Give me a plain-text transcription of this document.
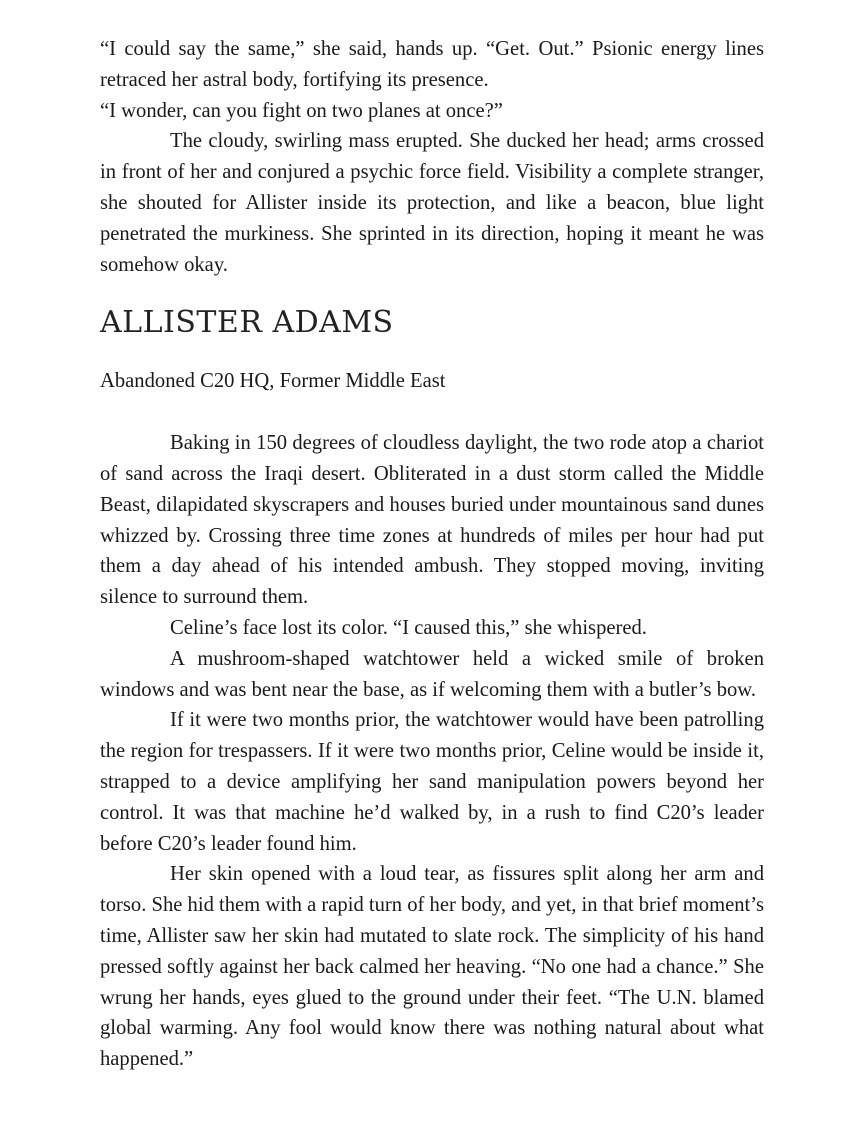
“I could say the same,” she said, hands up. “Get. Out.” Psionic energy lines retraced her astral body, fortifying its presence.

“I wonder, can you fight on two planes at once?”

The cloudy, swirling mass erupted. She ducked her head; arms crossed in front of her and conjured a psychic force field. Visibility a complete stranger, she shouted for Allister inside its protection, and like a beacon, blue light penetrated the murkiness. She sprinted in its direction, hoping it meant he was somehow okay.

ALLISTER ADAMS

Abandoned C20 HQ, Former Middle East

Baking in 150 degrees of cloudless daylight, the two rode atop a chariot of sand across the Iraqi desert. Obliterated in a dust storm called the Middle Beast, dilapidated skyscrapers and houses buried under mountainous sand dunes whizzed by. Crossing three time zones at hundreds of miles per hour had put them a day ahead of his intended ambush. They stopped moving, inviting silence to surround them.

Celine’s face lost its color. “I caused this,” she whispered.

A mushroom-shaped watchtower held a wicked smile of broken windows and was bent near the base, as if welcoming them with a butler’s bow.

If it were two months prior, the watchtower would have been patrolling the region for trespassers. If it were two months prior, Celine would be inside it, strapped to a device amplifying her sand manipulation powers beyond her control. It was that machine he’d walked by, in a rush to find C20’s leader before C20’s leader found him.

Her skin opened with a loud tear, as fissures split along her arm and torso. She hid them with a rapid turn of her body, and yet, in that brief moment’s time, Allister saw her skin had mutated to slate rock. The simplicity of his hand pressed softly against her back calmed her heaving. “No one had a chance.” She wrung her hands, eyes glued to the ground under their feet. “The U.N. blamed global warming. Any fool would know there was nothing natural about what happened.”
